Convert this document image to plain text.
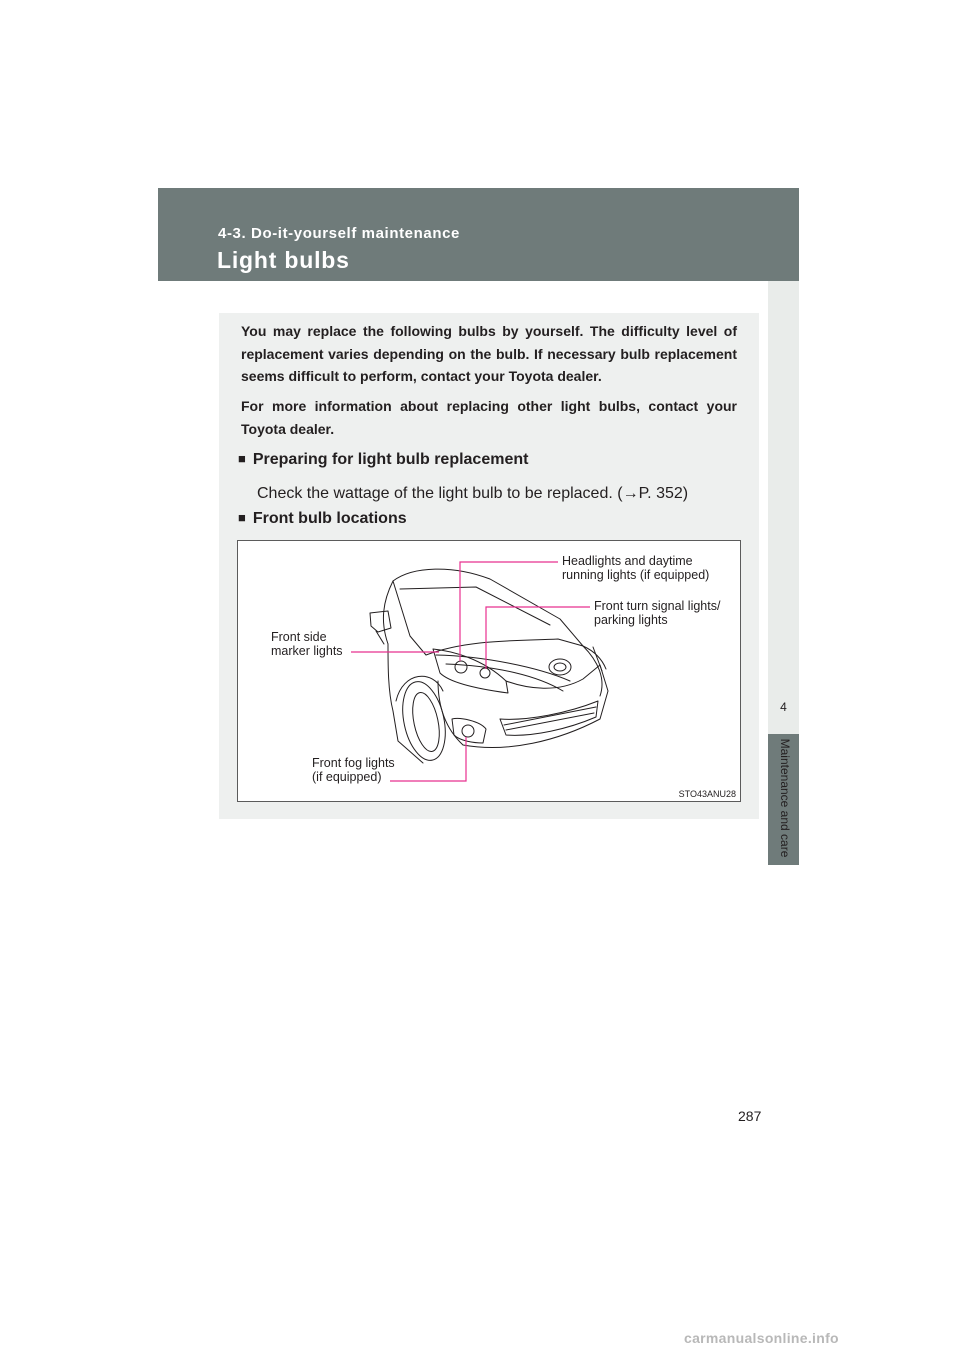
4-3. Do-it-yourself maintenance
Light bulbs
4
Maintenance and care

You may replace the following bulbs by yourself. The difficulty level of replacement varies depending on the bulb. If necessary bulb replacement seems difficult to perform, contact your Toyota dealer.

For more information about replacing other light bulbs, contact your Toyota dealer.

■ Preparing for light bulb replacement
Check the wattage of the light bulb to be replaced. (→P. 352)
■ Front bulb locations
Headlights and daytime
running lights (if equipped)
Front turn signal lights/
parking lights
Front side
marker lights
Front fog lights
(if equipped)
STO43ANU28
287
carmanualsonline.info
